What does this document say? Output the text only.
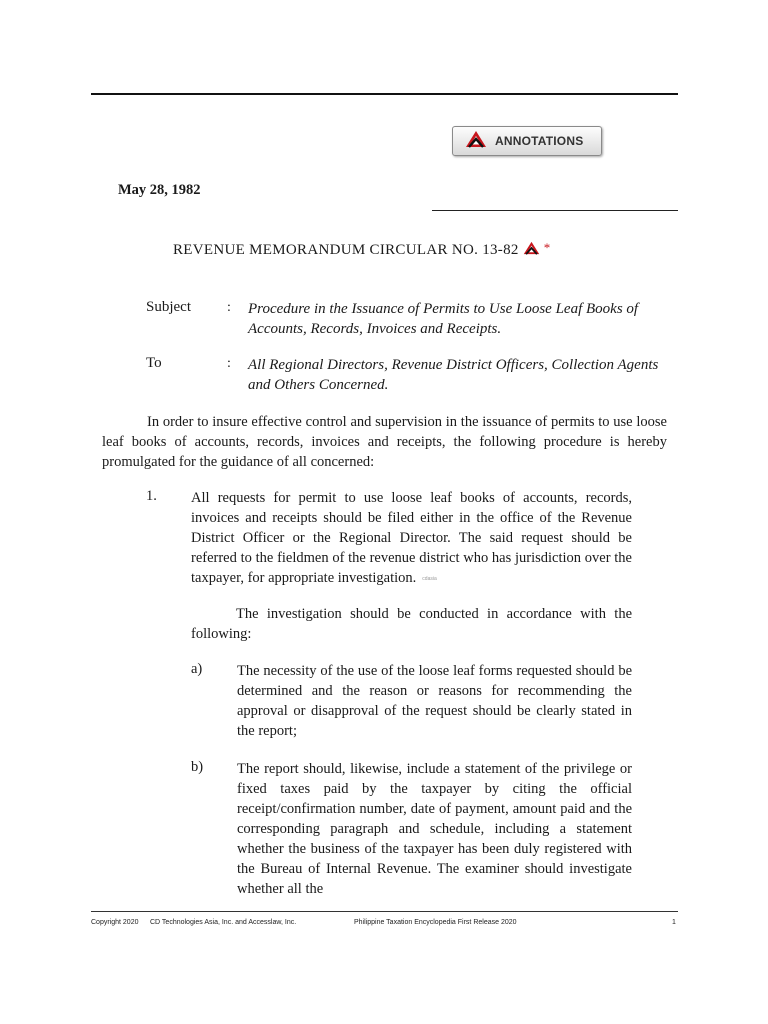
ANNOTATIONS
May 28, 1982
REVENUE MEMORANDUM CIRCULAR NO. 13-82 *
Subject	: Procedure in the Issuance of Permits to Use Loose Leaf Books of Accounts, Records, Invoices and Receipts.
To	: All Regional Directors, Revenue District Officers, Collection Agents and Others Concerned.
In order to insure effective control and supervision in the issuance of permits to use loose leaf books of accounts, records, invoices and receipts, the following procedure is hereby promulgated for the guidance of all concerned:
1. All requests for permit to use loose leaf books of accounts, records, invoices and receipts should be filed either in the office of the Revenue District Officer or the Regional Director. The said request should be referred to the fieldmen of the revenue district who has jurisdiction over the taxpayer, for appropriate investigation. cdasia
The investigation should be conducted in accordance with the following:
a) The necessity of the use of the loose leaf forms requested should be determined and the reason or reasons for recommending the approval or disapproval of the request should be clearly stated in the report;
b) The report should, likewise, include a statement of the privilege or fixed taxes paid by the taxpayer by citing the official receipt/confirmation number, date of payment, amount paid and the corresponding paragraph and schedule, including a statement whether the business of the taxpayer has been duly registered with the Bureau of Internal Revenue. The examiner should investigate whether all the
Copyright 2020 CD Technologies Asia, Inc. and Accesslaw, Inc.	Philippine Taxation Encyclopedia First Release 2020	1
